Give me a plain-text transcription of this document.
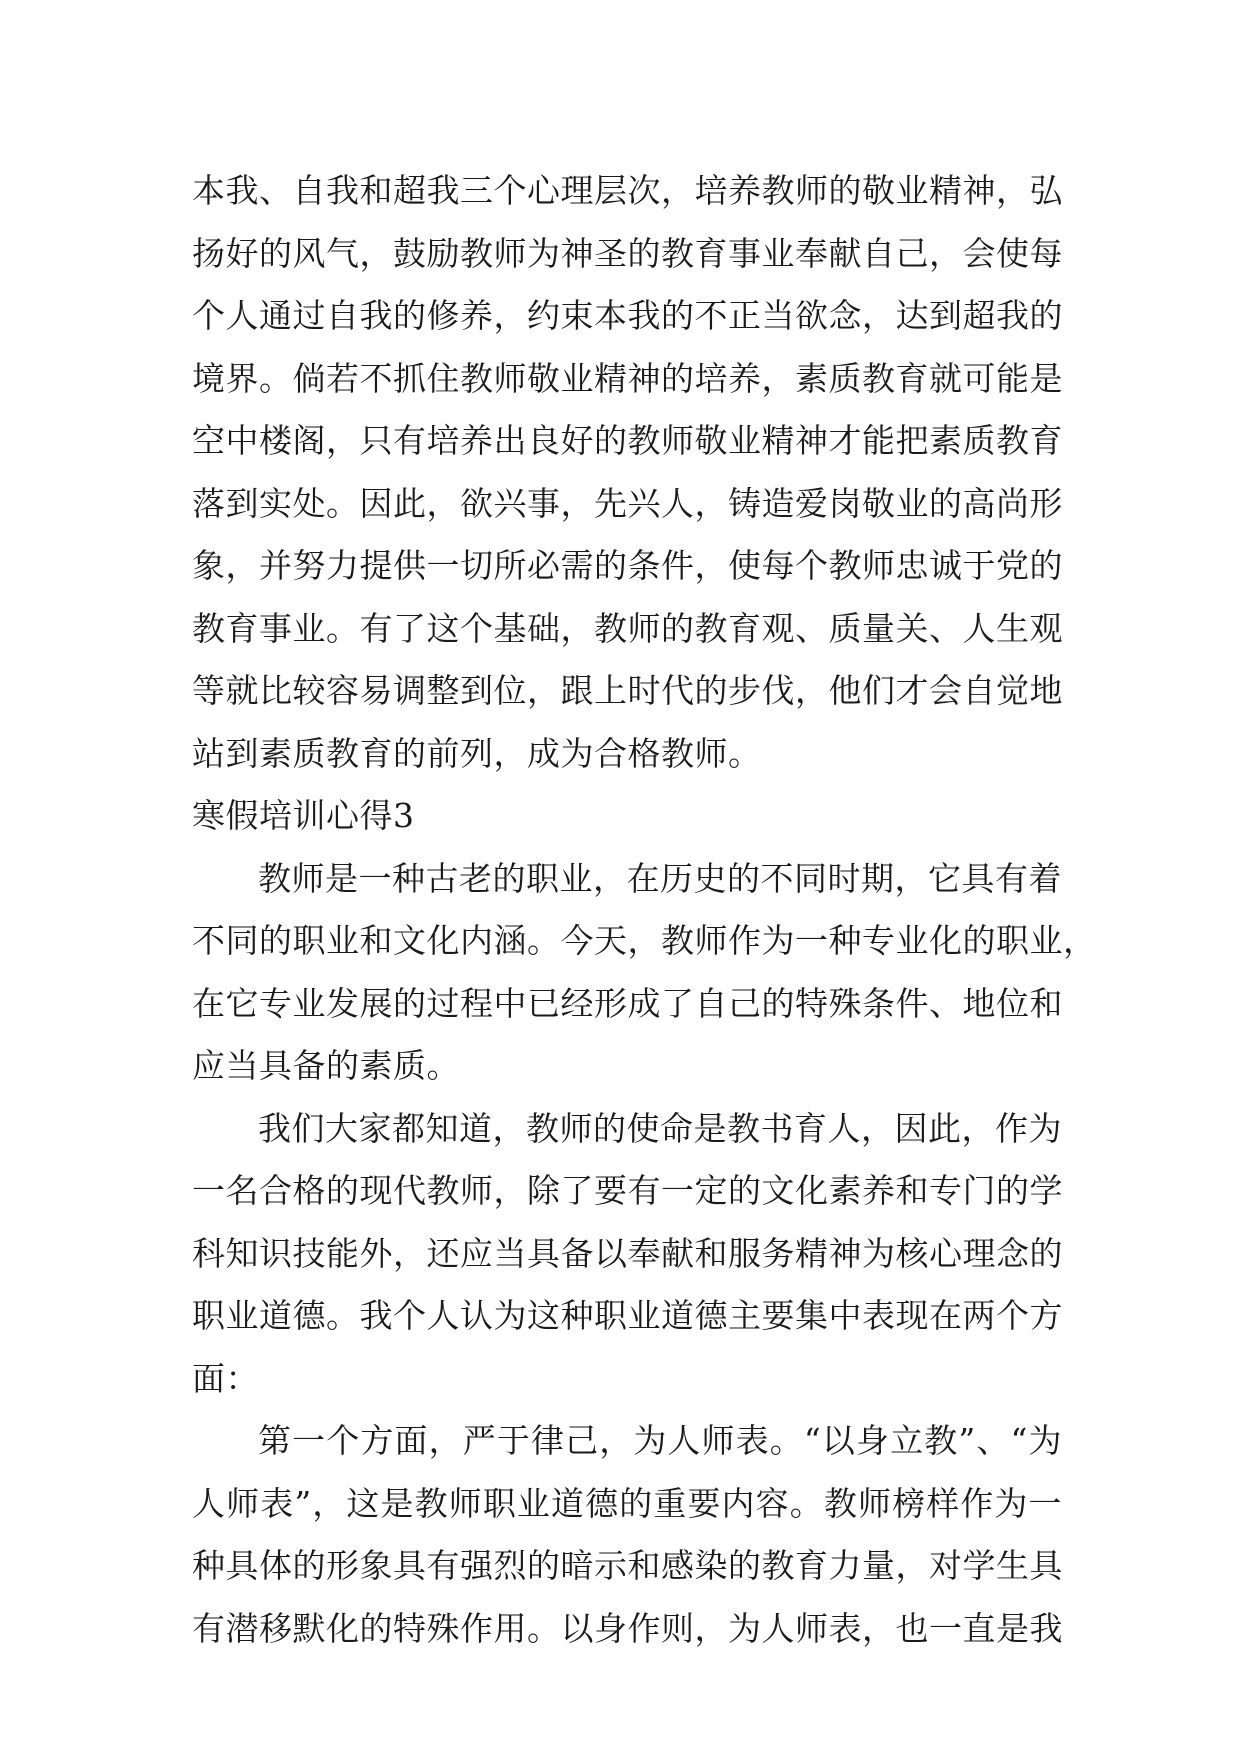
本我、自我和超我三个心理层次，培养教师的敬业精神，弘
扬好的风气，鼓励教师为神圣的教育事业奉献自己，会使每
个人通过自我的修养，约束本我的不正当欲念，达到超我的
境界。倘若不抓住教师敬业精神的培养，素质教育就可能是
空中楼阁，只有培养出良好的教师敬业精神才能把素质教育
落到实处。因此，欲兴事，先兴人，铸造爱岗敬业的高尚形
象，并努力提供一切所必需的条件，使每个教师忠诚于党的
教育事业。有了这个基础，教师的教育观、质量关、人生观
等就比较容易调整到位，跟上时代的步伐，他们才会自觉地
站到素质教育的前列，成为合格教师。
寒假培训心得3
教师是一种古老的职业，在历史的不同时期，它具有着
不同的职业和文化内涵。今天，教师作为一种专业化的职业，
在它专业发展的过程中已经形成了自己的特殊条件、地位和
应当具备的素质。
我们大家都知道，教师的使命是教书育人，因此，作为
一名合格的现代教师，除了要有一定的文化素养和专门的学
科知识技能外，还应当具备以奉献和服务精神为核心理念的
职业道德。我个人认为这种职业道德主要集中表现在两个方
面：
第一个方面，严于律己，为人师表。“以身立教”、“为
人师表”，这是教师职业道德的重要内容。教师榜样作为一
种具体的形象具有强烈的暗示和感染的教育力量，对学生具
有潜移默化的特殊作用。以身作则，为人师表，也一直是我
